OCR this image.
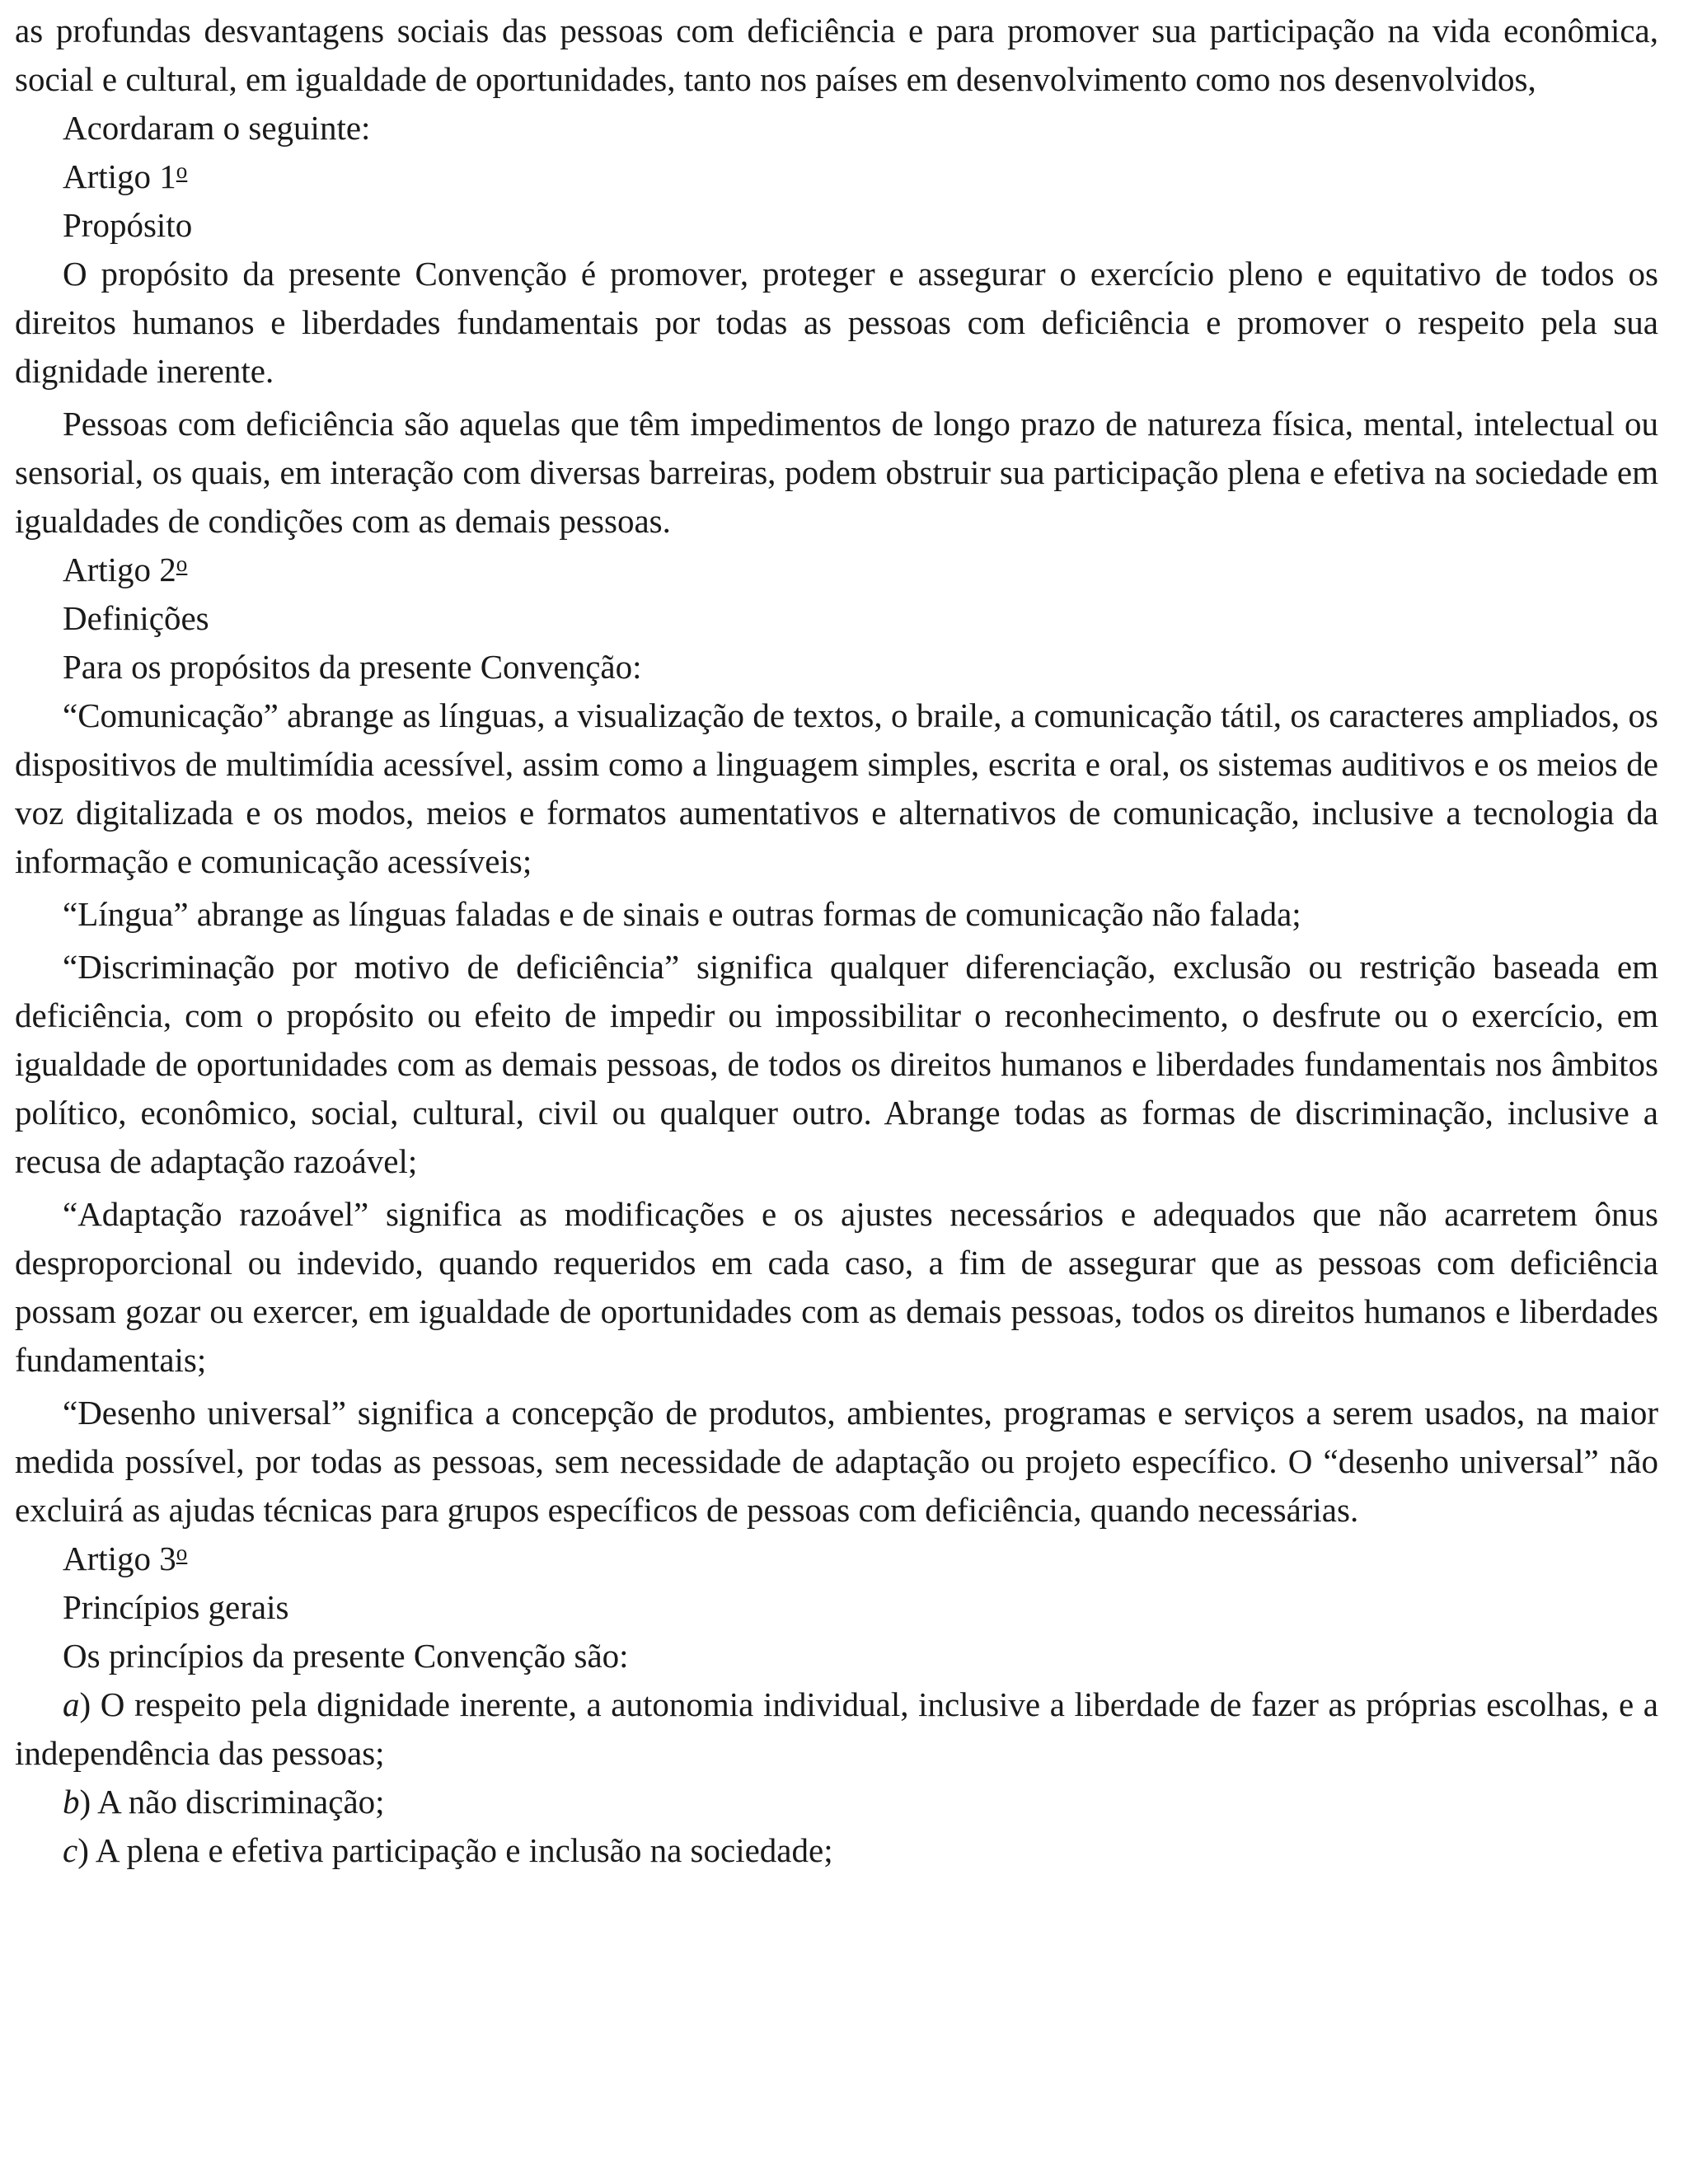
as profundas desvantagens sociais das pessoas com deficiência e para promover sua participação na vida econômica, social e cultural, em igualdade de oportunidades, tanto nos países em desenvolvimento como nos desenvolvidos,

Acordaram o seguinte:

Artigo 1$^o$

Propósito

O propósito da presente Convenção é promover, proteger e assegurar o exercício pleno e equitativo de todos os direitos humanos e liberdades fundamentais por todas as pessoas com deficiência e promover o respeito pela sua dignidade inerente.

Pessoas com deficiência são aquelas que têm impedimentos de longo prazo de natureza física, mental, intelectual ou sensorial, os quais, em interação com diversas barreiras, podem obstruir sua participação plena e efetiva na sociedade em igualdades de condições com as demais pessoas.

Artigo 2$^o$

Definições

Para os propósitos da presente Convenção:

“Comunicação” abrange as línguas, a visualização de textos, o braile, a comunicação tátil, os caracteres ampliados, os dispositivos de multimídia acessível, assim como a linguagem simples, escrita e oral, os sistemas auditivos e os meios de voz digitalizada e os modos, meios e formatos aumentativos e alternativos de comunicação, inclusive a tecnologia da informação e comunicação acessíveis;

“Língua” abrange as línguas faladas e de sinais e outras formas de comunicação não falada;

“Discriminação por motivo de deficiência” significa qualquer diferenciação, exclusão ou restrição baseada em deficiência, com o propósito ou efeito de impedir ou impossibilitar o reconhecimento, o desfrute ou o exercício, em igualdade de oportunidades com as demais pessoas, de todos os direitos humanos e liberdades fundamentais nos âmbitos político, econômico, social, cultural, civil ou qualquer outro. Abrange todas as formas de discriminação, inclusive a recusa de adaptação razoável;

“Adaptação razoável” significa as modificações e os ajustes necessários e adequados que não acarretem ônus desproporcional ou indevido, quando requeridos em cada caso, a fim de assegurar que as pessoas com deficiência possam gozar ou exercer, em igualdade de oportunidades com as demais pessoas, todos os direitos humanos e liberdades fundamentais;

“Desenho universal” significa a concepção de produtos, ambientes, programas e serviços a serem usados, na maior medida possível, por todas as pessoas, sem necessidade de adaptação ou projeto específico. O “desenho universal” não excluirá as ajudas técnicas para grupos específicos de pessoas com deficiência, quando necessárias.

Artigo 3$^o$

Princípios gerais

Os princípios da presente Convenção são:

a) O respeito pela dignidade inerente, a autonomia individual, inclusive a liberdade de fazer as próprias escolhas, e a independência das pessoas;

b) A não discriminação;

c) A plena e efetiva participação e inclusão na sociedade;
